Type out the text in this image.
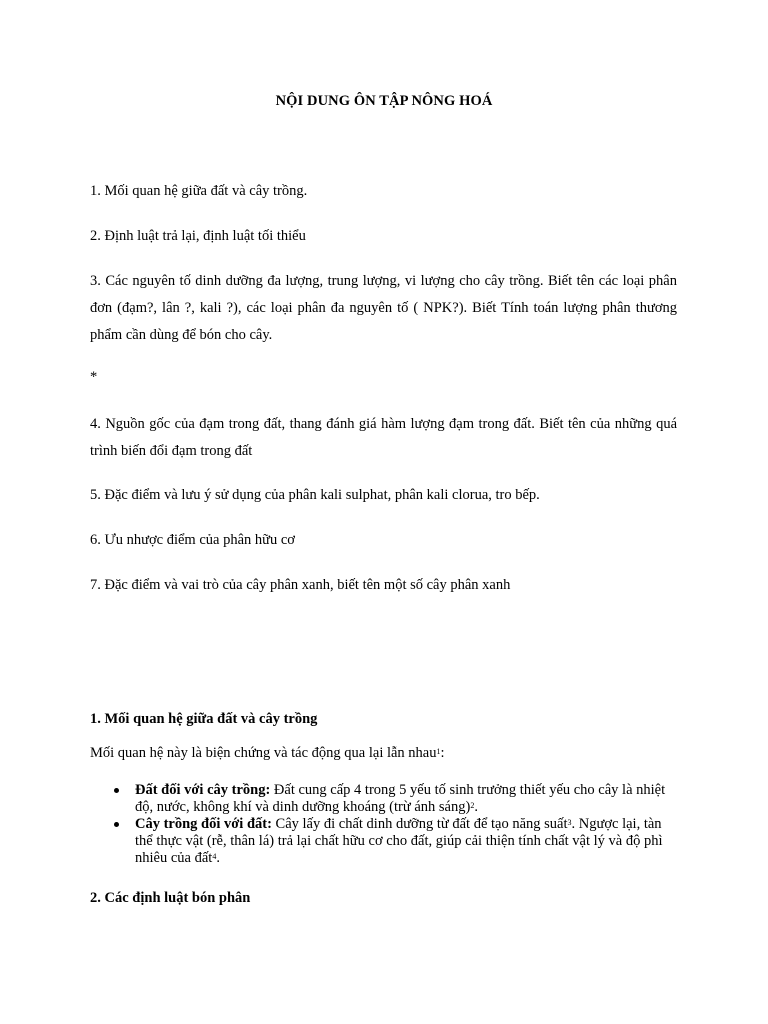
NỘI DUNG ÔN TẬP NÔNG HOÁ
1. Mối quan hệ giữa đất và cây trồng.
2. Định luật trả lại, định luật tối thiểu
3. Các nguyên tố dinh dưỡng đa lượng, trung lượng, vi lượng cho cây trồng. Biết tên các loại phân đơn (đạm?, lân ?, kali ?), các loại phân đa nguyên tố ( NPK?). Biết Tính toán lượng phân thương phẩm cần dùng để bón cho cây.
*
4. Nguồn gốc của đạm trong đất, thang đánh giá hàm lượng đạm trong đất. Biết tên của những quá trình biến đổi đạm trong đất
5. Đặc điểm và lưu ý sử dụng của phân kali sulphat, phân kali clorua, tro bếp.
6. Ưu nhược điểm của phân hữu cơ
7. Đặc điểm và vai trò của cây phân xanh, biết tên một số cây phân xanh
1. Mối quan hệ giữa đất và cây trồng
Mối quan hệ này là biện chứng và tác động qua lại lẫn nhau$^1$:
Đất đối với cây trồng: Đất cung cấp 4 trong 5 yếu tố sinh trưởng thiết yếu cho cây là nhiệt độ, nước, không khí và dinh dưỡng khoáng (trừ ánh sáng)$^2$.
Cây trồng đối với đất: Cây lấy đi chất dinh dưỡng từ đất để tạo năng suất$^3$. Ngược lại, tàn thể thực vật (rễ, thân lá) trả lại chất hữu cơ cho đất, giúp cải thiện tính chất vật lý và độ phì nhiêu của đất$^4$.
2. Các định luật bón phân
